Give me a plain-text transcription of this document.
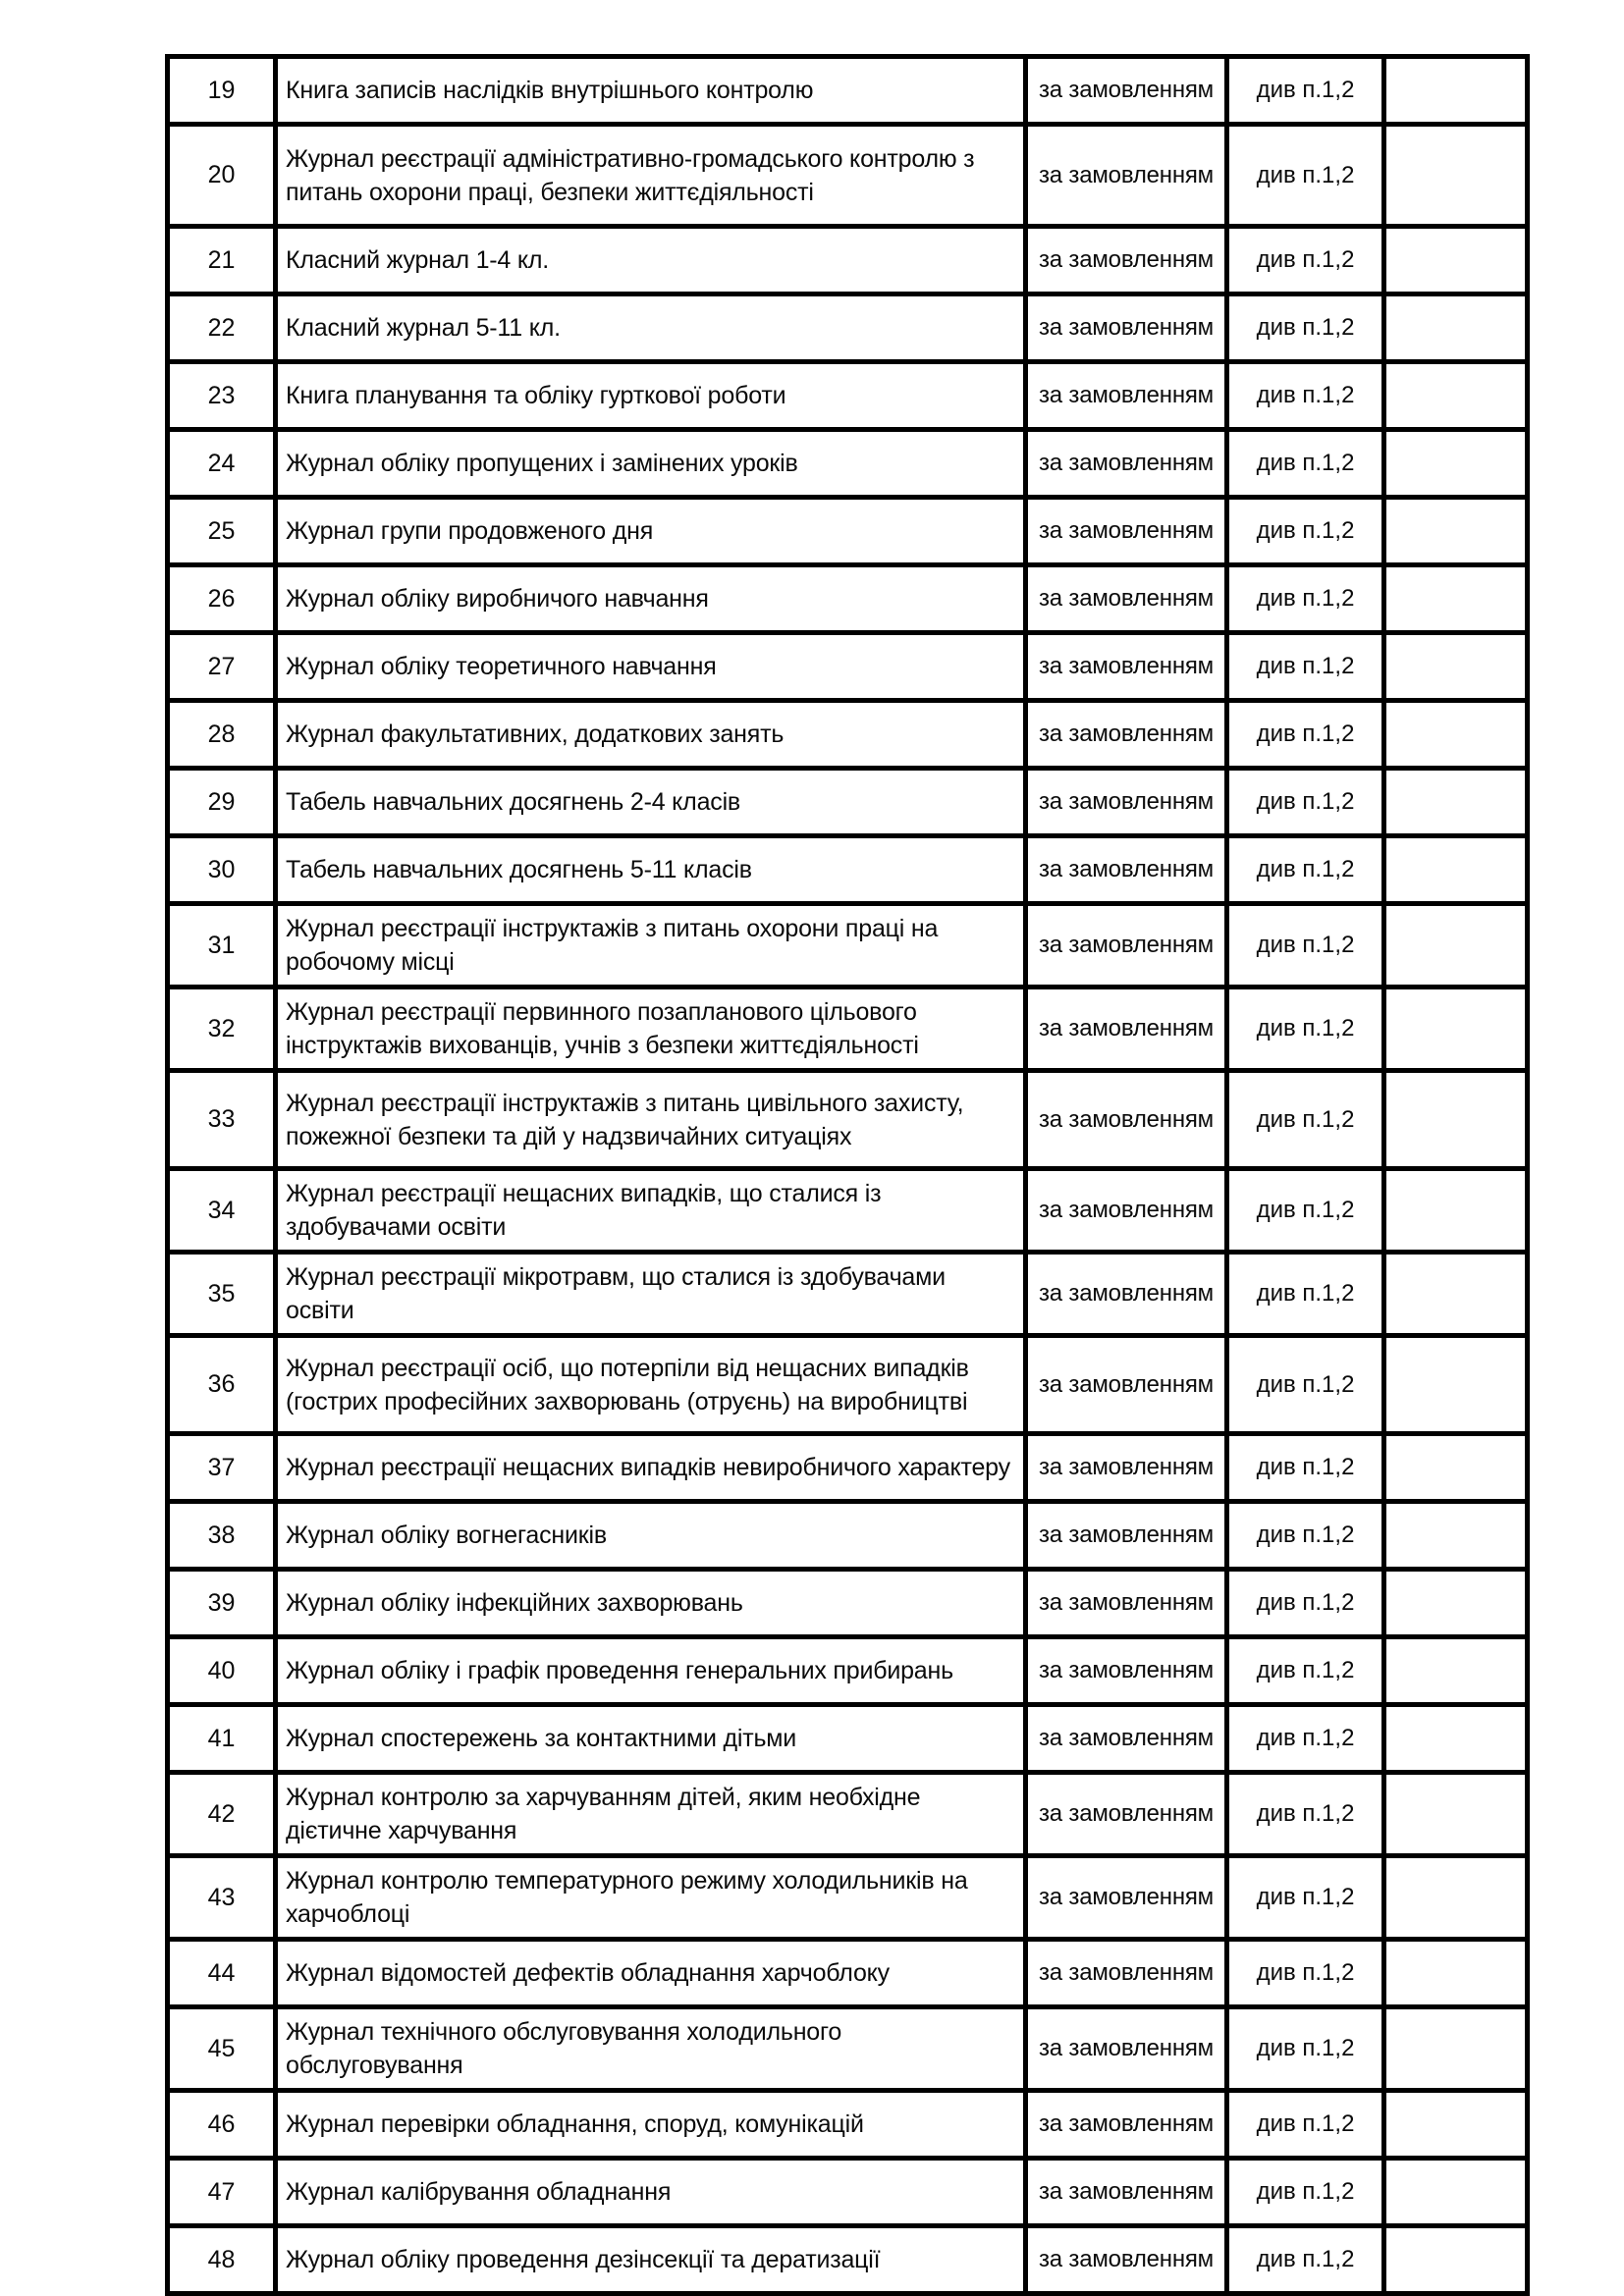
19	Книга записів наслідків внутрішнього контролю	за замовленням	див п.1,2	
20	Журнал реєстрації адміністративно-громадського контролю з питань охорони праці, безпеки життєдіяльності	за замовленням	див п.1,2	
21	Класний журнал 1-4 кл.	за замовленням	див п.1,2	
22	Класний журнал 5-11 кл.	за замовленням	див п.1,2	
23	Книга планування та обліку гурткової роботи	за замовленням	див п.1,2	
24	Журнал обліку пропущених і замінених уроків	за замовленням	див п.1,2	
25	Журнал групи продовженого дня	за замовленням	див п.1,2	
26	Журнал обліку виробничого навчання	за замовленням	див п.1,2	
27	Журнал обліку теоретичного навчання	за замовленням	див п.1,2	
28	Журнал факультативних, додаткових занять	за замовленням	див п.1,2	
29	Табель навчальних досягнень 2-4 класів	за замовленням	див п.1,2	
30	Табель навчальних досягнень 5-11 класів	за замовленням	див п.1,2	
31	Журнал реєстрації інструктажів з питань охорони праці на робочому місці	за замовленням	див п.1,2	
32	Журнал реєстрації первинного позапланового цільового інструктажів вихованців, учнів з безпеки життєдіяльності	за замовленням	див п.1,2	
33	Журнал реєстрації інструктажів з питань цивільного захисту, пожежної безпеки та дій у надзвичайних ситуаціях	за замовленням	див п.1,2	
34	Журнал реєстрації нещасних випадків, що сталися із здобувачами освіти	за замовленням	див п.1,2	
35	Журнал реєстрації мікротравм, що сталися із здобувачами освіти	за замовленням	див п.1,2	
36	Журнал реєстрації осіб, що потерпіли від нещасних випадків (гострих професійних захворювань (отруєнь) на виробництві	за замовленням	див п.1,2	
37	Журнал реєстрації нещасних випадків невиробничого характеру	за замовленням	див п.1,2	
38	Журнал обліку вогнегасників	за замовленням	див п.1,2	
39	Журнал обліку інфекційних захворювань	за замовленням	див п.1,2	
40	Журнал обліку і графік проведення генеральних прибирань	за замовленням	див п.1,2	
41	Журнал спостережень за контактними дітьми	за замовленням	див п.1,2	
42	Журнал контролю за харчуванням дітей, яким необхідне дієтичне харчування	за замовленням	див п.1,2	
43	Журнал контролю температурного режиму холодильників на харчоблоці	за замовленням	див п.1,2	
44	Журнал відомостей дефектів обладнання харчоблоку	за замовленням	див п.1,2	
45	Журнал технічного обслуговування холодильного обслуговування	за замовленням	див п.1,2	
46	Журнал перевірки обладнання, споруд, комунікацій	за замовленням	див п.1,2	
47	Журнал калібрування обладнання	за замовленням	див п.1,2	
48	Журнал обліку проведення дезінсекції та дератизації	за замовленням	див п.1,2	
